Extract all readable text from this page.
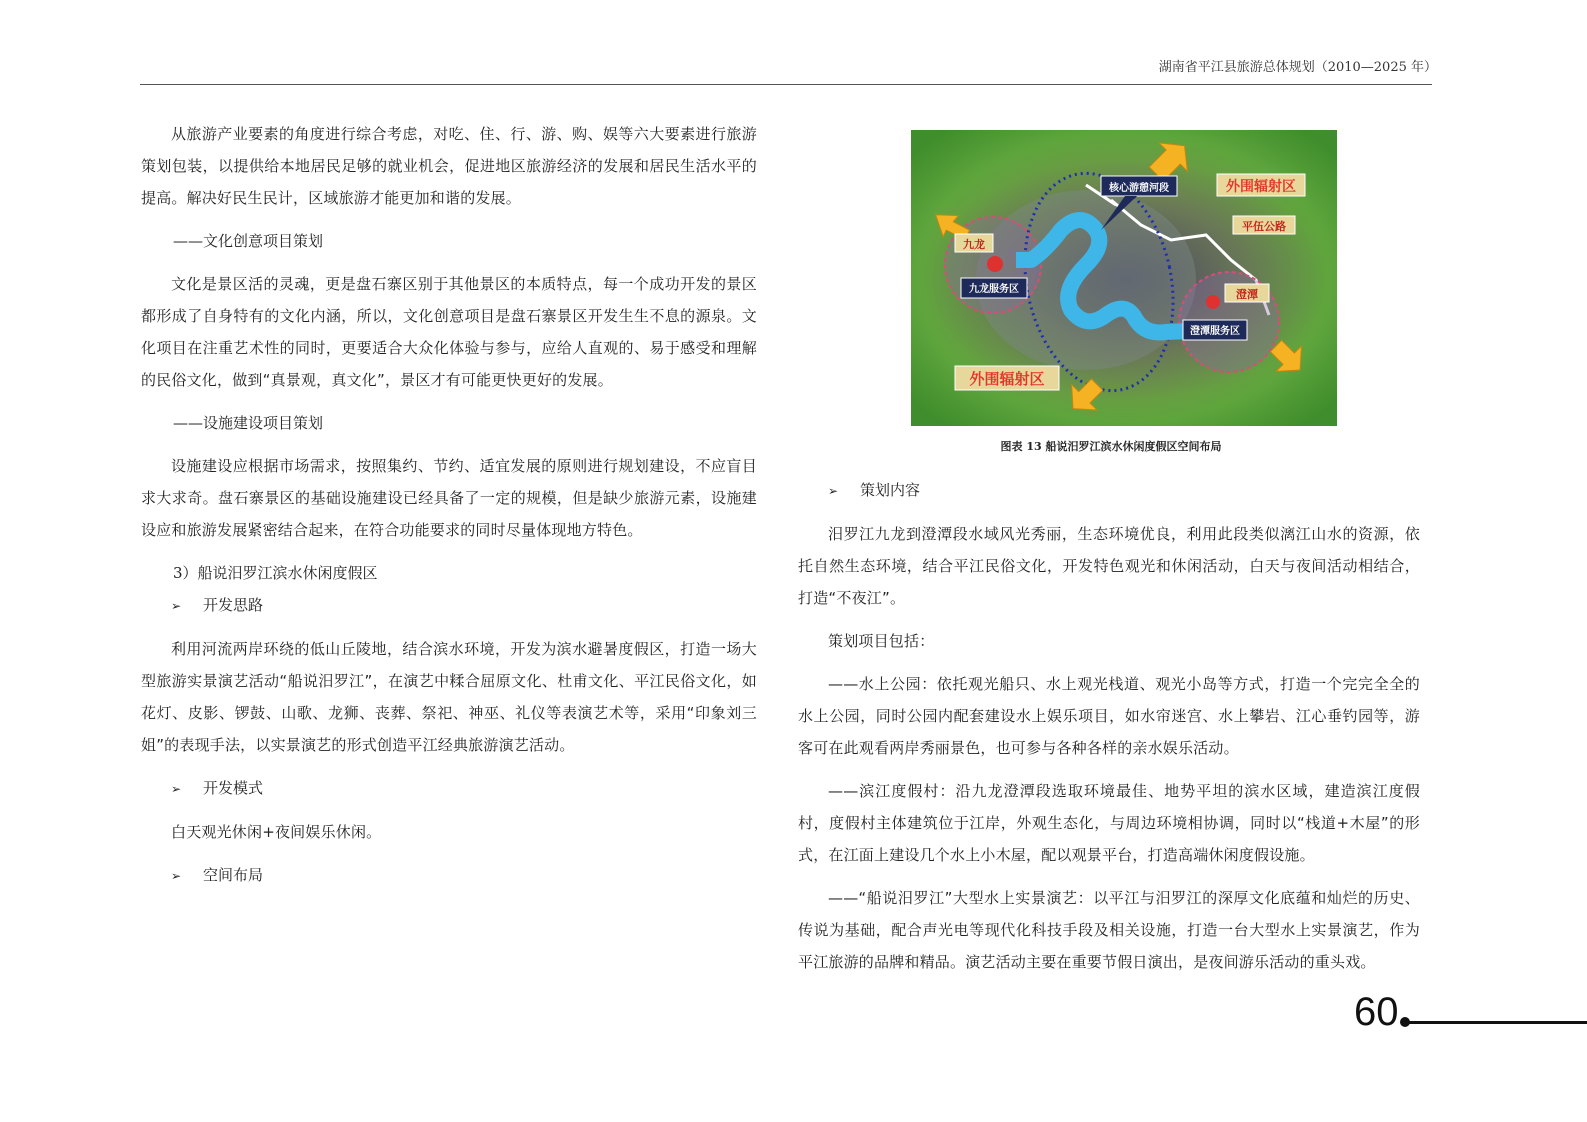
湖南省平江县旅游总体规划（2010—2025 年）

从旅游产业要素的角度进行综合考虑，对吃、住、行、游、购、娱等六大要素进行旅游策划包装，以提供给本地居民足够的就业机会，促进地区旅游经济的发展和居民生活水平的提高。解决好民生民计，区域旅游才能更加和谐的发展。

——文化创意项目策划

文化是景区活的灵魂，更是盘石寨区别于其他景区的本质特点，每一个成功开发的景区都形成了自身特有的文化内涵，所以，文化创意项目是盘石寨景区开发生生不息的源泉。文化项目在注重艺术性的同时，更要适合大众化体验与参与，应给人直观的、易于感受和理解的民俗文化，做到“真景观，真文化”，景区才有可能更快更好的发展。

——设施建设项目策划

设施建设应根据市场需求，按照集约、节约、适宜发展的原则进行规划建设，不应盲目求大求奇。盘石寨景区的基础设施建设已经具备了一定的规模，但是缺少旅游元素，设施建设应和旅游发展紧密结合起来，在符合功能要求的同时尽量体现地方特色。

3）船说汨罗江滨水休闲度假区

➢ 开发思路

利用河流两岸环绕的低山丘陵地，结合滨水环境，开发为滨水避暑度假区，打造一场大型旅游实景演艺活动“船说汨罗江”，在演艺中糅合屈原文化、杜甫文化、平江民俗文化，如花灯、皮影、锣鼓、山歌、龙狮、丧葬、祭祀、神巫、礼仪等表演艺术等，采用“印象刘三姐”的表现手法，以实景演艺的形式创造平江经典旅游演艺活动。

➢ 开发模式

白天观光休闲+夜间娱乐休闲。

➢ 空间布局

核心游憩河段	外围辐射区
平伍公路
九龙
九龙服务区	澄潭
澄潭服务区
外围辐射区
图表 13 船说汨罗江滨水休闲度假区空间布局

➢ 策划内容

汨罗江九龙到澄潭段水域风光秀丽，生态环境优良，利用此段类似漓江山水的资源，依托自然生态环境，结合平江民俗文化，开发特色观光和休闲活动，白天与夜间活动相结合，打造“不夜江”。

策划项目包括：

——水上公园：依托观光船只、水上观光栈道、观光小岛等方式，打造一个完完全全的水上公园，同时公园内配套建设水上娱乐项目，如水帘迷宫、水上攀岩、江心垂钓园等，游客可在此观看两岸秀丽景色，也可参与各种各样的亲水娱乐活动。

——滨江度假村：沿九龙澄潭段选取环境最佳、地势平坦的滨水区域，建造滨江度假村，度假村主体建筑位于江岸，外观生态化，与周边环境相协调，同时以“栈道+木屋”的形式，在江面上建设几个水上小木屋，配以观景平台，打造高端休闲度假设施。

——“船说汨罗江”大型水上实景演艺：以平江与汨罗江的深厚文化底蕴和灿烂的历史、传说为基础，配合声光电等现代化科技手段及相关设施，打造一台大型水上实景演艺，作为平江旅游的品牌和精品。演艺活动主要在重要节假日演出，是夜间游乐活动的重头戏。

60
